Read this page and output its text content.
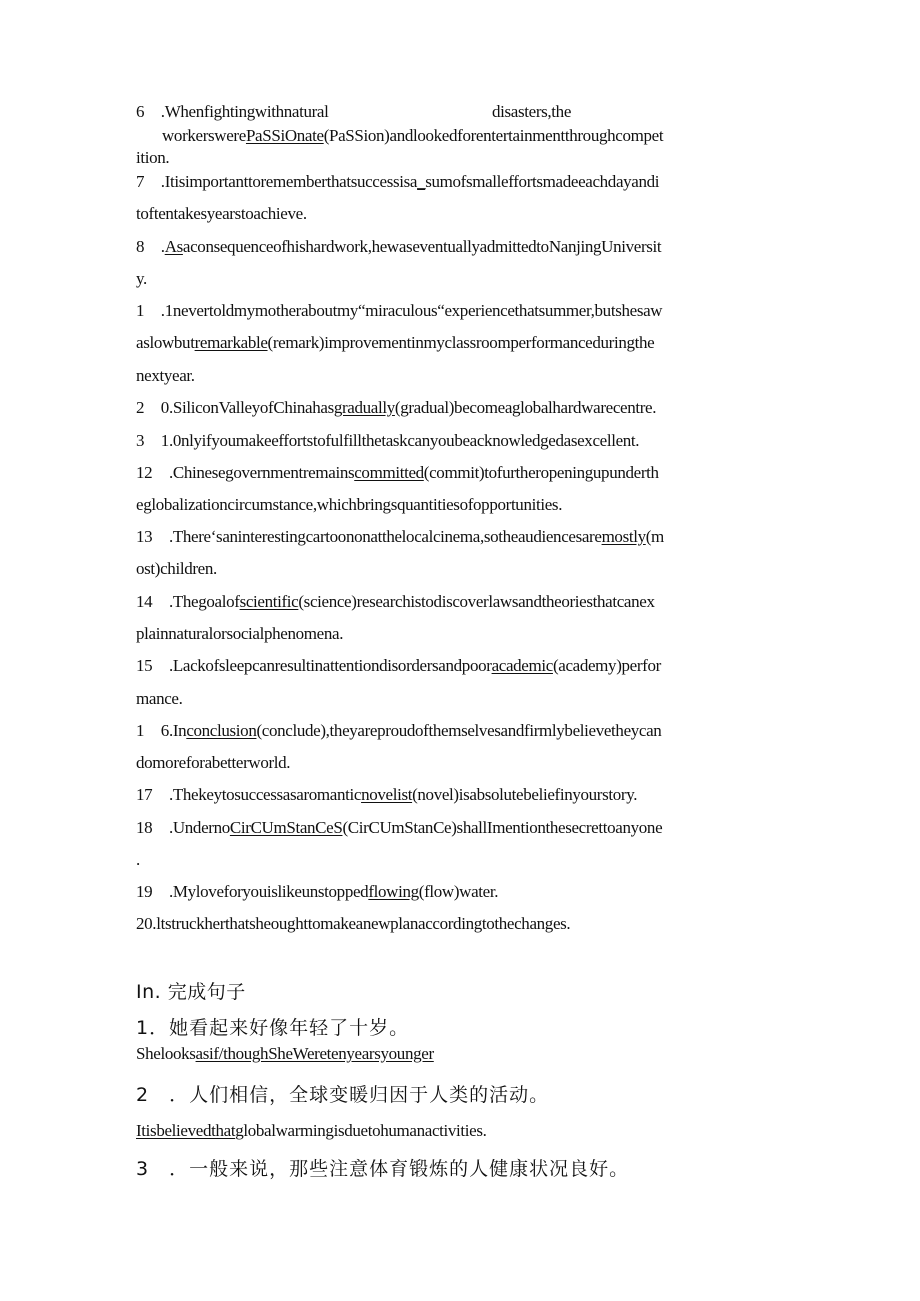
6 .Whenfightingwithnatural	disasters,the
workerswerePaSSiOnate(PaSSion)andlookedforentertainmentthroughcompet
ition.
7 .Itisimportanttorememberthatsuccessisa_sumofsmalleffortsmadeeachdayandi
toftentakesyearstoachieve.
8 .Asaconsequenceofhishardwork,hewaseventuallyadmittedtoNanjingUniversit
y.
1 .1nevertoldmymotheraboutmy“miraculous“experiencethatsummer,butshesaw
aslowbutremarkable(remark)improvementinmyclassroomperformanceduringthe
nextyear.
2 0.SiliconValleyofChinahasgradually(gradual)becomeaglobalhardwarecentre.
3 1.0nlyifyoumakeeffortstofulfillthetaskcanyoubeacknowledgedasexcellent.
12 .Chinesegovernmentremainscommitted(commit)tofurtheropeningupunderth
eglobalizationcircumstance,whichbringsquantitiesofopportunities.
13 .Thereʻsaninterestingcartoononatthelocalcinema,sotheaudiencesaremostly(m
ost)children.
14 .Thegoalofscientific(science)researchistodiscoverlawsandtheoriesthatcanex
plainnaturalorsocialphenomena.
15 .Lackofsleepcanresultinattentiondisordersandpooracademic(academy)perfor
mance.
1 6.Inconclusion(conclude),theyareproudofthemselvesandfirmlybelievetheycan
domoreforabetterworld.
17 .Thekeytosuccessasaromanticnovelist(novel)isabsolutebeliefinyourstory.
18 .UndernoCirCUmStanCeS(CirCUmStanCe)shallImentionthesecrettoanyone
.
19 .Myloveforyouislikeunstoppedflowing(flow)water.
20.ltstruckherthatsheoughttomakeanewplanaccordingtothechanges.
In. 完成句子
1．她看起来好像年轻了十岁。
Shelooksasif/thoughSheWeretenyearsyounger
2 ．人们相信，全球变暖归因于人类的活动。
Itisbelievedthatglobalwarmingisduetohumanactivities.
3 ．一般来说，那些注意体育锻炼的人健康状况良好。
